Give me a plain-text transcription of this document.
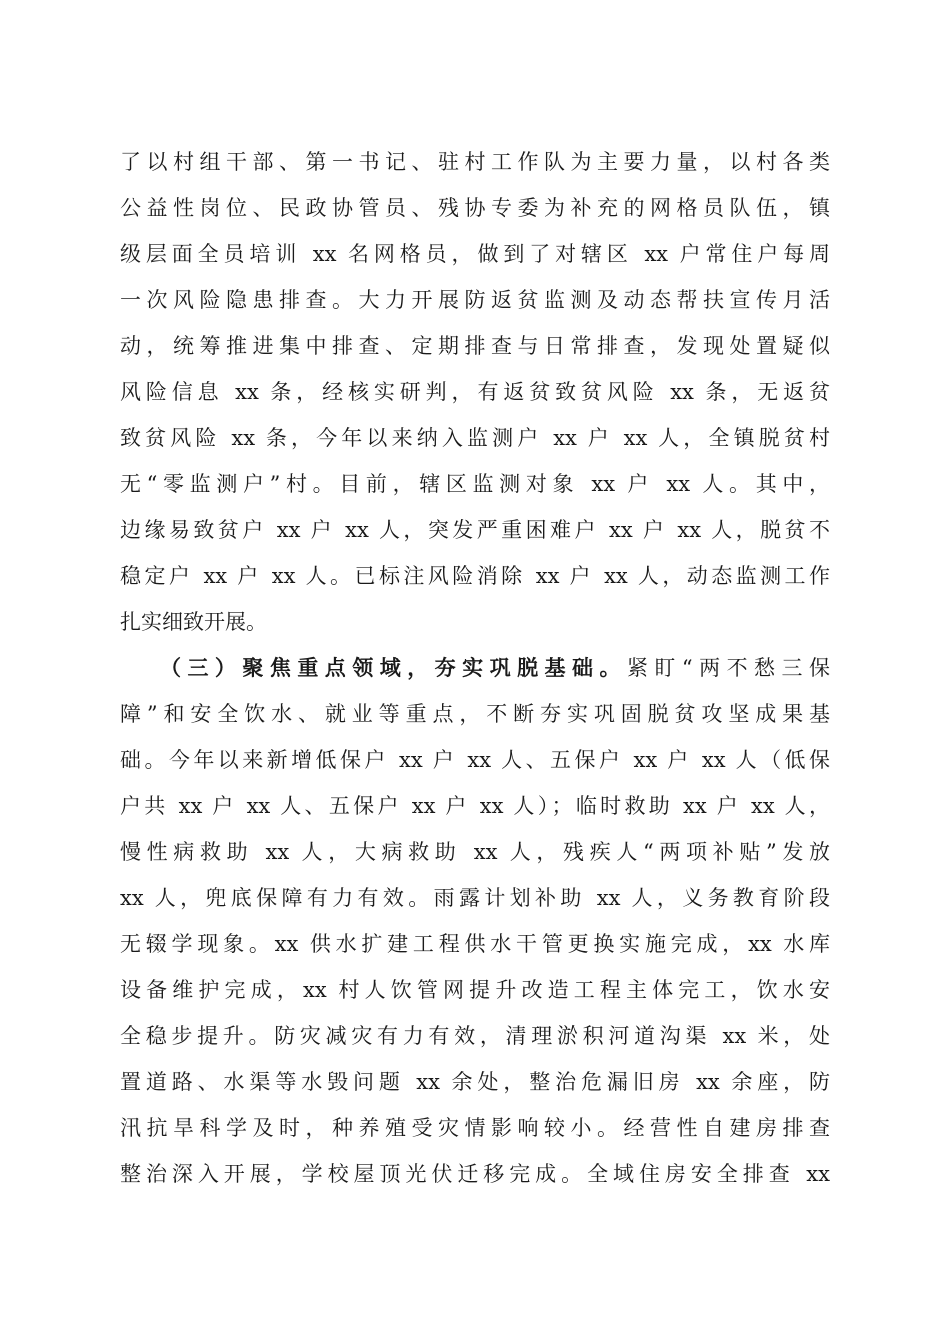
了以村组干部、第一书记、驻村工作队为主要力量，以村各类
公益性岗位、民政协管员、残协专委为补充的网格员队伍，镇
级层面全员培训 xx 名网格员，做到了对辖区 xx 户常住户每周
一次风险隐患排查。大力开展防返贫监测及动态帮扶宣传月活
动，统筹推进集中排查、定期排查与日常排查，发现处置疑似
风险信息 xx 条，经核实研判，有返贫致贫风险 xx 条，无返贫
致贫风险 xx 条，今年以来纳入监测户 xx 户 xx 人，全镇脱贫村
无“零监测户”村。目前，辖区监测对象 xx 户 xx 人。其中，
边缘易致贫户 xx 户 xx 人，突发严重困难户 xx 户 xx 人，脱贫不
稳定户 xx 户 xx 人。已标注风险消除 xx 户 xx 人，动态监测工作
扎实细致开展。
（三）聚焦重点领域，夯实巩脱基础。紧盯“两不愁三保
障”和安全饮水、就业等重点，不断夯实巩固脱贫攻坚成果基
础。今年以来新增低保户 xx 户 xx 人、五保户 xx 户 xx 人（低保
户共 xx 户 xx 人、五保户 xx 户 xx 人）；临时救助 xx 户 xx 人，
慢性病救助 xx 人，大病救助 xx 人，残疾人“两项补贴”发放
xx 人，兜底保障有力有效。雨露计划补助 xx 人，义务教育阶段
无辍学现象。xx 供水扩建工程供水干管更换实施完成，xx 水库
设备维护完成，xx 村人饮管网提升改造工程主体完工，饮水安
全稳步提升。防灾减灾有力有效，清理淤积河道沟渠 xx 米，处
置道路、水渠等水毁问题 xx 余处，整治危漏旧房 xx 余座，防
汛抗旱科学及时，种养殖受灾情影响较小。经营性自建房排查
整治深入开展，学校屋顶光伏迁移完成。全域住房安全排查 xx
